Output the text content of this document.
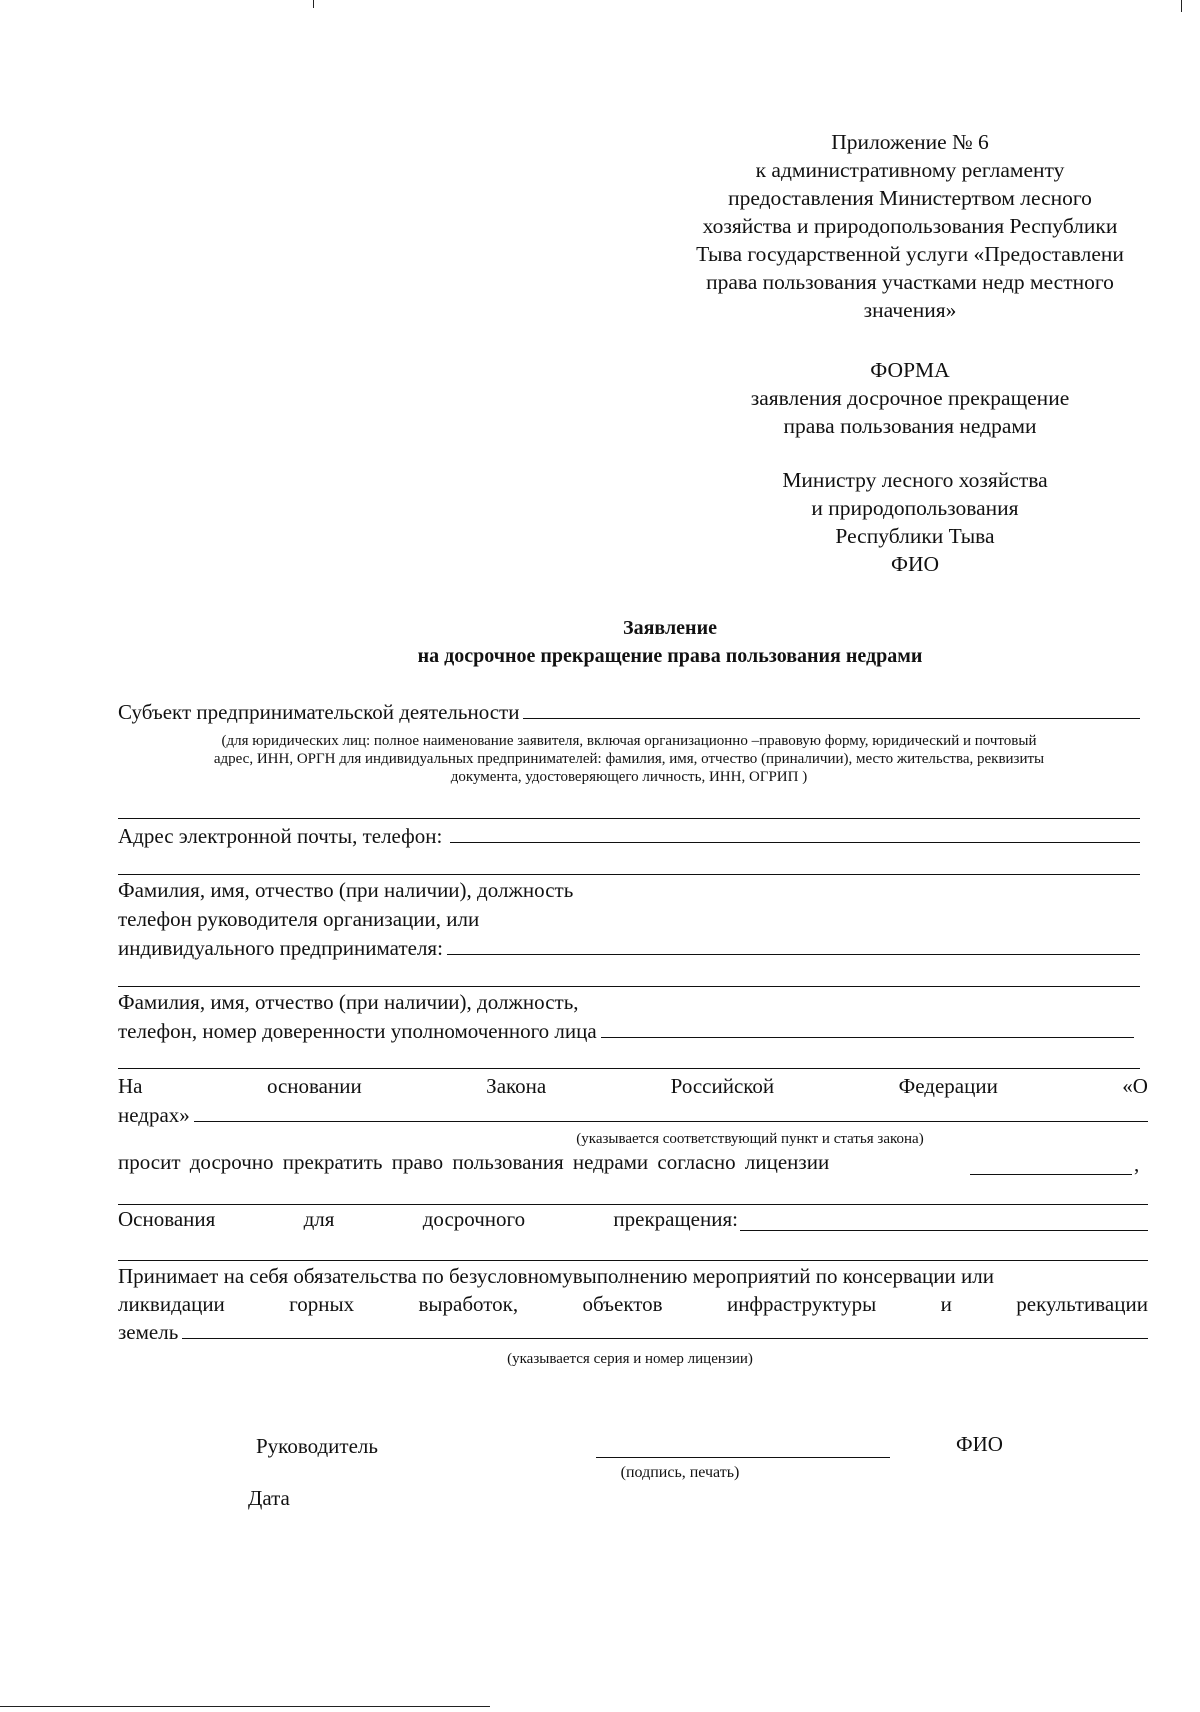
Приложение № 6
к административному регламенту
предоставления Министертвом лесного
хозяйства и природопользования Республики
Тыва государственной услуги «Предоставлени
права пользования участками недр местного
значения»
ФОРМА
заявления досрочное прекращение
права пользования недрами
Министру лесного хозяйства
и природопользования
Республики Тыва
ФИО
Заявление
на досрочное прекращение права пользования недрами
Субъект предпринимательской деятельности
(для юридических лиц: полное наименование заявителя, включая организационно –правовую форму, юридический и почтовый
адрес, ИНН, ОРГН для индивидуальных предпринимателей: фамилия, имя, отчество (приналичии), место жительства, реквизиты
документа, удостоверяющего личность, ИНН, ОГРИП )
Адрес электронной почты, телефон:
Фамилия, имя, отчество (при наличии), должность
телефон руководителя организации, или
индивидуального предпринимателя:
Фамилия, имя, отчество (при наличии), должность,
телефон, номер доверенности уполномоченного лица
На	основании	Закона	Российской	Федерации	«О
недрах»
(указывается соответствующий пункт и статья закона)
просит досрочно прекратить право пользования недрами согласно лицензии	,
Основания	для	досрочного	прекращения:
Принимает на себя обязательства по безусловномувыполнению мероприятий по консервации или
ликвидации	горных	выработок,	объектов	инфраструктуры	и	рекультивации
земель
(указывается серия и номер лицензии)
Руководитель
(подпись, печать)
ФИО
Дата
